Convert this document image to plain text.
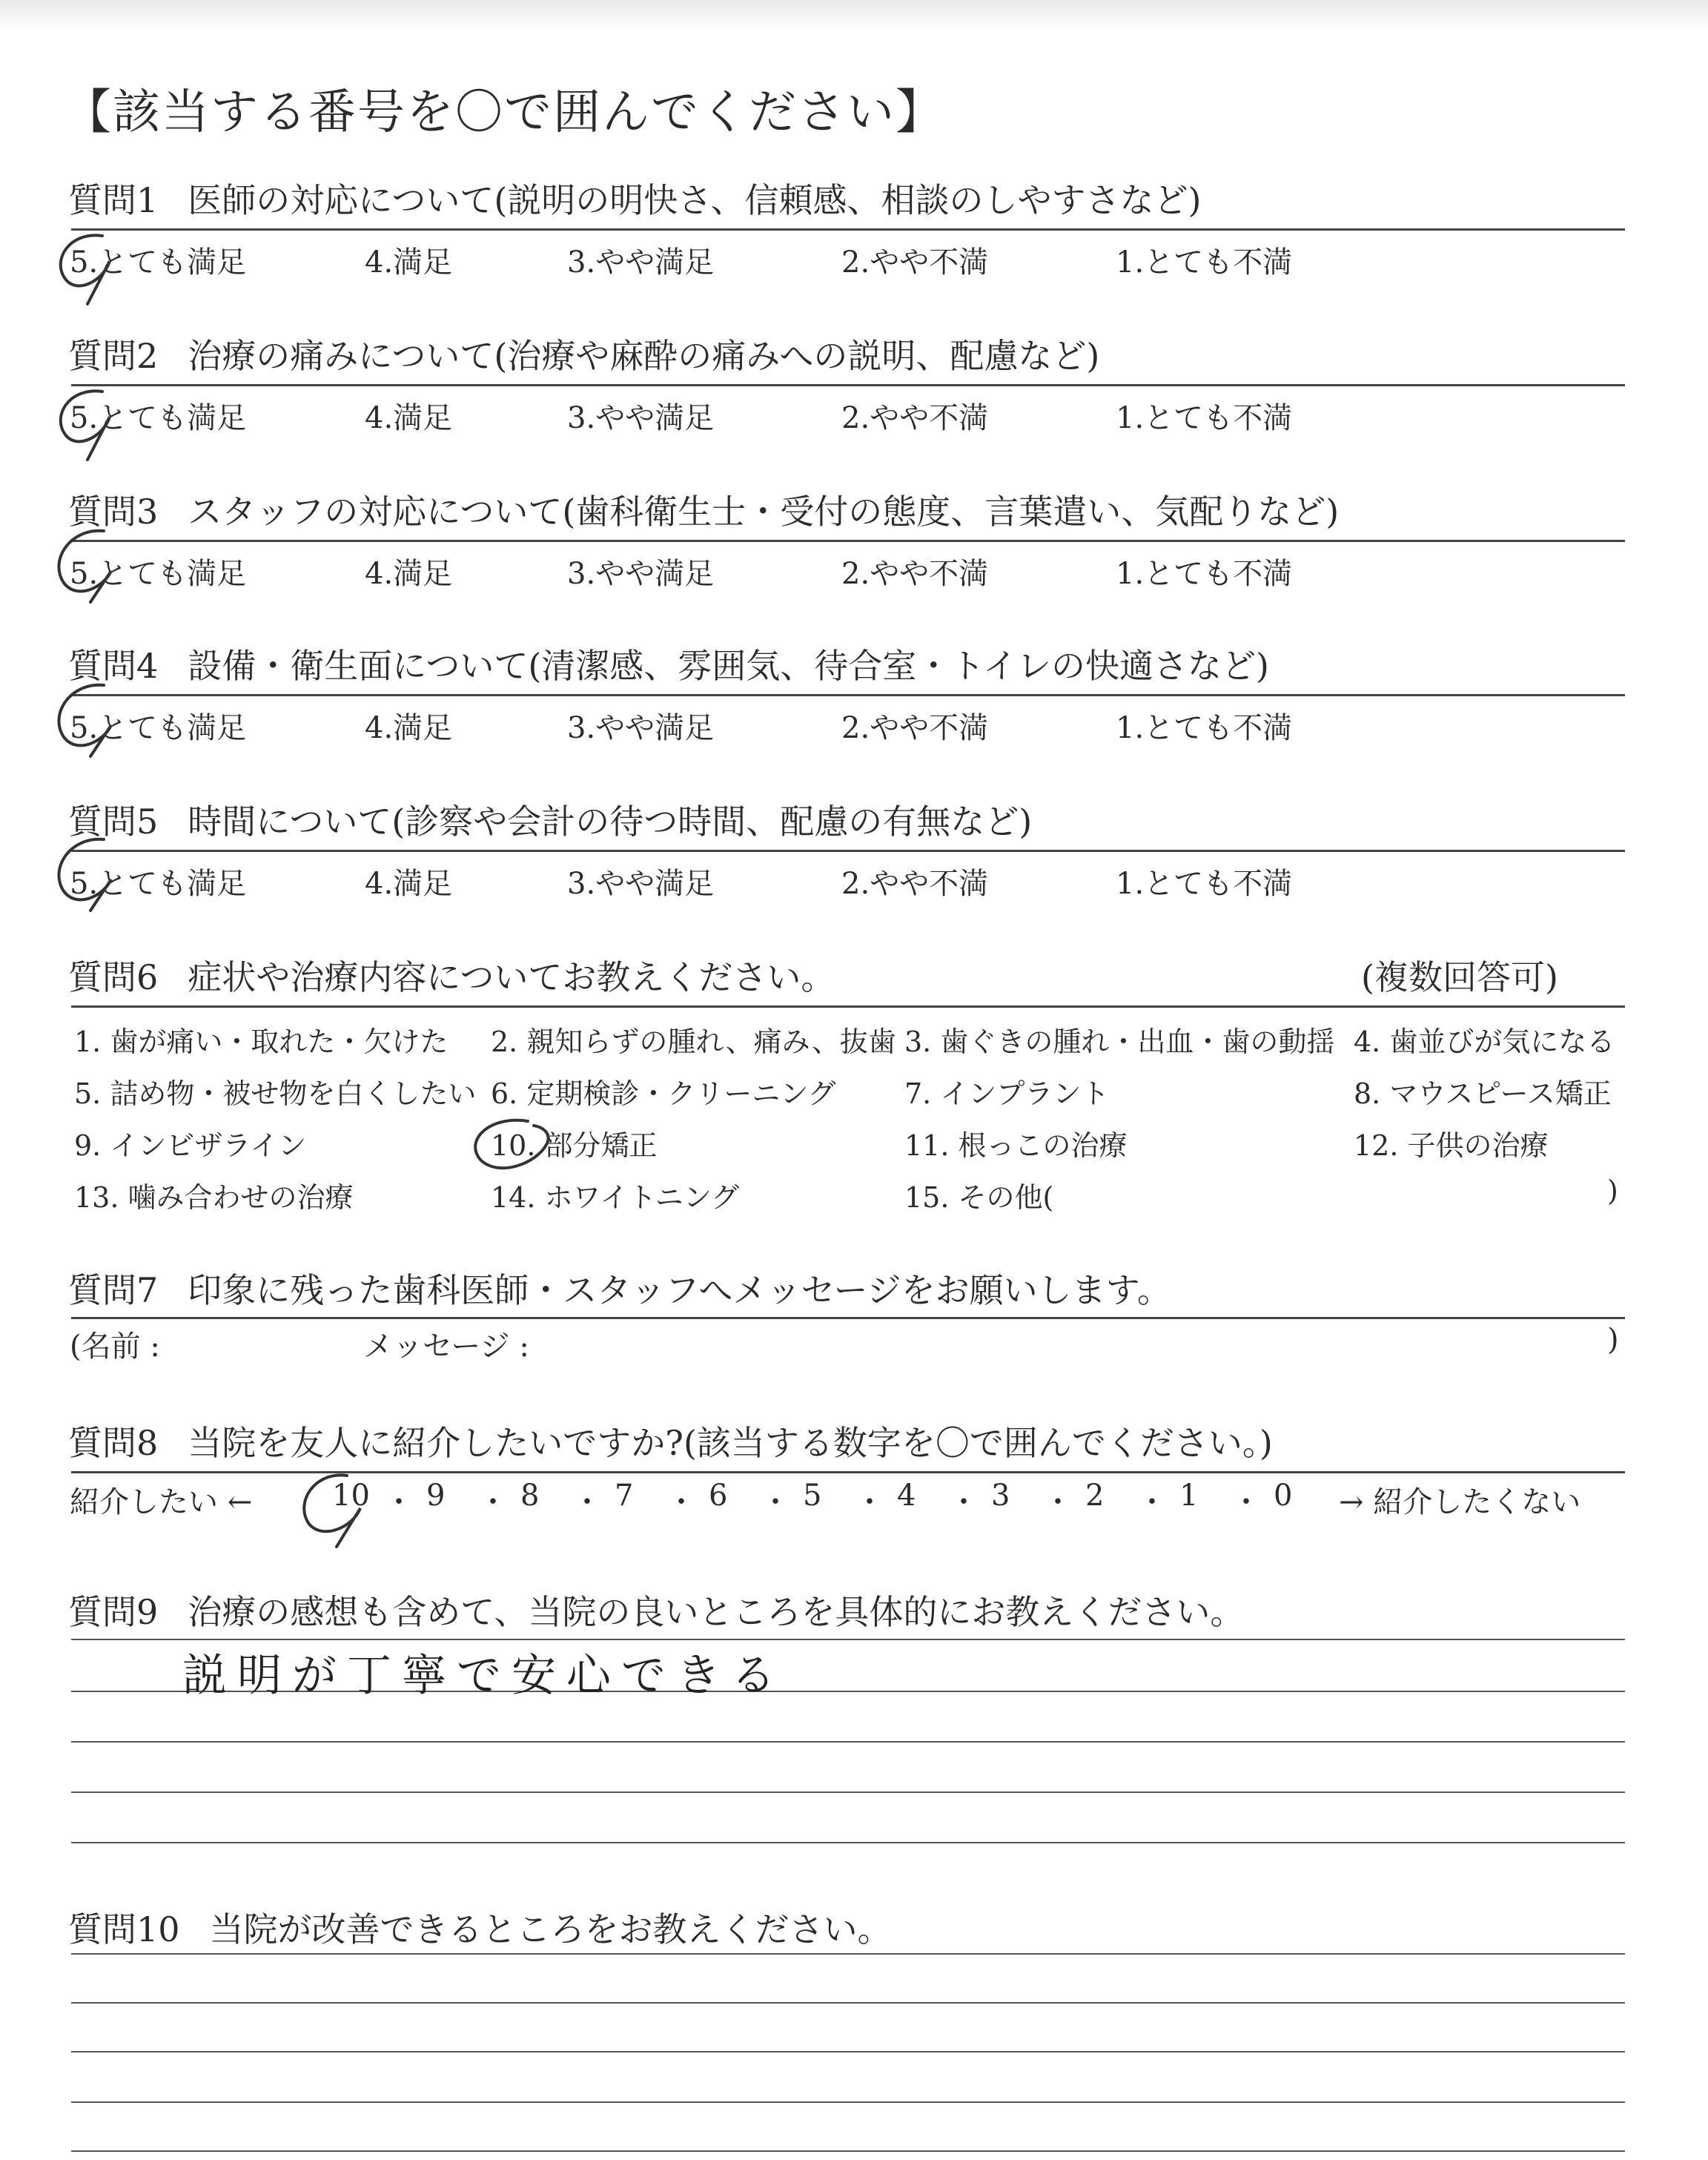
【該当する番号を〇で囲んでください】
質問1 医師の対応について(説明の明快さ、信頼感、相談のしやすさなど)
5.とても満足	4.満足	3.やや満足	2.やや不満	1.とても不満
質問2 治療の痛みについて(治療や麻酔の痛みへの説明、配慮など)
5.とても満足	4.満足	3.やや満足	2.やや不満	1.とても不満
質問3 スタッフの対応について(歯科衛生士・受付の態度、言葉遣い、気配りなど)
5.とても満足	4.満足	3.やや満足	2.やや不満	1.とても不満
質問4 設備・衛生面について(清潔感、雰囲気、待合室・トイレの快適さなど)
5.とても満足	4.満足	3.やや満足	2.やや不満	1.とても不満
質問5 時間について(診察や会計の待つ時間、配慮の有無など)
5.とても満足	4.満足	3.やや満足	2.やや不満	1.とても不満
質問6 症状や治療内容についてお教えください。	(複数回答可)
1. 歯が痛い・取れた・欠けた 2. 親知らずの腫れ、痛み、抜歯 3. 歯ぐきの腫れ・出血・歯の動揺 4. 歯並びが気になる
5. 詰め物・被せ物を白くしたい 6. 定期検診・クリーニング 7. インプラント	8. マウスピース矯正
9. インビザライン	10. 部分矯正	11. 根っこの治療	12. 子供の治療
13. 噛み合わせの治療	14. ホワイトニング	15. その他(	)
質問7 印象に残った歯科医師・スタッフへメッセージをお願いします。
(名前 :	メッセージ :	)
質問8 当院を友人に紹介したいですか?(該当する数字を〇で囲んでください。)
紹介したい ←	→ 紹介したくない
10 ・ 9 ・ 8 ・ 7 ・ 6 ・ 5 ・ 4 ・ 3 ・ 2 ・ 1 ・ 0
質問9 治療の感想も含めて、当院の良いところを具体的にお教えください。
説明が丁寧で安心できる
質問10 当院が改善できるところをお教えください。
